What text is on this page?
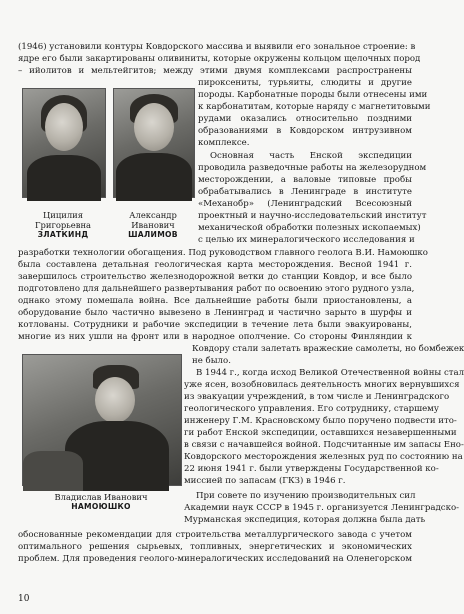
(1946) установили контуры Ковдорского массива и выявили его зональное строение: в
ядре его были закартированы оливиниты, которые окружены кольцом щелочных пород
– ийолитов и мельтейгитов; между этими двумя комплексами распространены
Цицилия
Григорьевна
ЗЛАТКИНД
Александр
Иванович
ШАЛИМОВ
пироксениты, турьяиты, слюдиты и другие
породы. Карбонатные породы были отнесены ими
к карбонатитам, которые наряду с магнетитовыми
рудами оказались относительно поздними
образованиями в Ковдорском интрузивном
комплексе.
Основная часть Енской экспедиции
проводила разведочные работы на железорудном
месторождении, а валовые типовые пробы
обрабатывались в Ленинграде в институте
«Механобр» (Ленинградский Всесоюзный
проектный и научно-исследовательский институт
механической обработки полезных ископаемых)
с целью их минералогического исследования и
разработки технологии обогащения. Под руководством главного геолога В.И. Намоюшко
была составлена детальная геологическая карта месторождения. Весной 1941 г.
завершилось строительство железнодорожной ветки до станции Ковдор, и все было
подготовлено для дальнейшего развертывания работ по освоению этого рудного узла,
однако этому помешала война. Все дальнейшие работы были приостановлены, а
оборудование было частично вывезено в Ленинград и частично зарыто в шурфы и
котлованы. Сотрудники и рабочие экспедиции в течение лета были эвакуированы,
многие из них ушли на фронт или в народное ополчение. Со стороны Финляндии к
Ковдору стали залетать вражеские самолеты, но бомбежек
не было.
Владислав Иванович
НАМОЮШКО
В 1944 г., когда исход Великой Отечественной войны стал
уже ясен, возобновилась деятельность многих вернувшихся
из эвакуации учреждений, в том числе и Ленинградского
геологического управления. Его сотруднику, старшему
инженеру Г.М. Красновскому было поручено подвести ито-
ги работ Енской экспедиции, оставшихся незавершенными
в связи с начавшейся войной. Подсчитанные им запасы Ено-
Ковдорского месторождения железных руд по состоянию на
22 июня 1941 г. были утверждены Государственной ко-
миссией по запасам (ГКЗ) в 1946 г.
При совете по изучению производительных сил
Академии наук СССР в 1945 г. организуется Ленинградско-
Мурманская экспедиция, которая должна была дать
обоснованные рекомендации для строительства металлургического завода с учетом
оптимального решения сырьевых, топливных, энергетических и экономических
проблем. Для проведения геолого-минералогических исследований на Оленегорском
10
